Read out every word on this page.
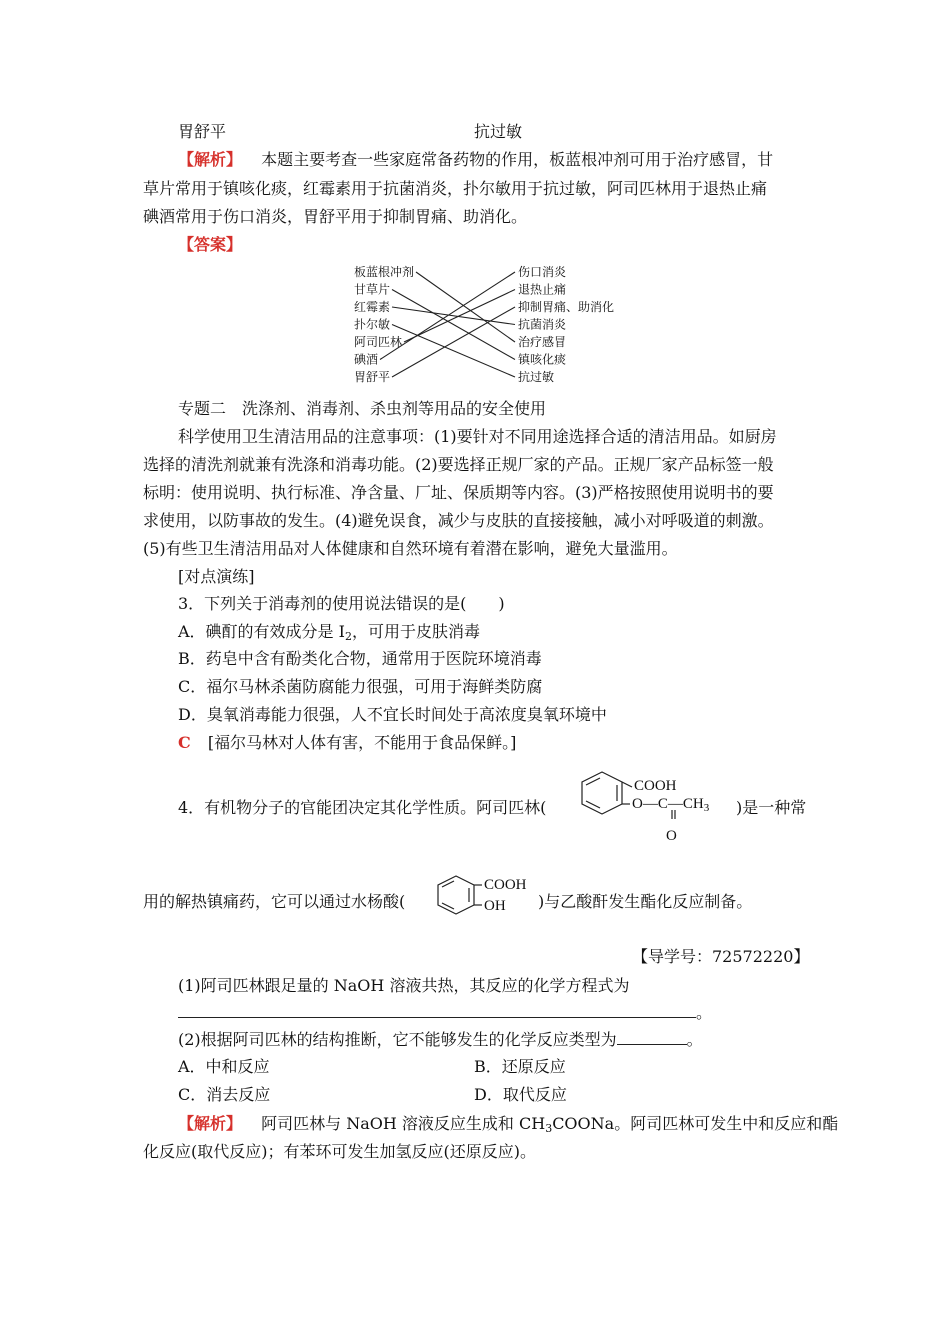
胃舒平	抗过敏
【解析】 本题主要考查一些家庭常备药物的作用，板蓝根冲剂可用于治疗感冒，甘
草片常用于镇咳化痰，红霉素用于抗菌消炎，扑尔敏用于抗过敏，阿司匹林用于退热止痛
碘酒常用于伤口消炎，胃舒平用于抑制胃痛、助消化。
【答案】
板蓝根冲剂
甘草片
红霉素
扑尔敏
阿司匹林
碘酒
胃舒平
伤口消炎
退热止痛
抑制胃痛、助消化
抗菌消炎
治疗感冒
镇咳化痰
抗过敏
专题二　洗涤剂、消毒剂、杀虫剂等用品的安全使用
科学使用卫生清洁用品的注意事项：(1)要针对不同用途选择合适的清洁用品。如厨房
选择的清洗剂就兼有洗涤和消毒功能。(2)要选择正规厂家的产品。正规厂家产品标签一般
标明：使用说明、执行标准、净含量、厂址、保质期等内容。(3)严格按照使用说明书的要
求使用，以防事故的发生。(4)避免误食，减少与皮肤的直接接触，减小对呼吸道的刺激。
(5)有些卫生清洁用品对人体健康和自然环境有着潜在影响，避免大量滥用。
[对点演练]
3．下列关于消毒剂的使用说法错误的是(　　)
A．碘酊的有效成分是 $I_2$，可用于皮肤消毒
B．药皂中含有酚类化合物，通常用于医院环境消毒
C．福尔马林杀菌防腐能力很强，可用于海鲜类防腐
D．臭氧消毒能力很强，人不宜长时间处于高浓度臭氧环境中
C [福尔马林对人体有害，不能用于食品保鲜。]
4．有机物分子的官能团决定其化学性质。阿司匹林(	)是一种常
COOH
$O—C—CH_3$
O
用的解热镇痛药，它可以通过水杨酸(	)与乙酸酐发生酯化反应制备。
COOH
OH
【导学号：72572220】
(1)阿司匹林跟足量的 NaOH 溶液共热，其反应的化学方程式为
。
(2)根据阿司匹林的结构推断，它不能够发生的化学反应类型为	。
A．中和反应	B．还原反应
C．消去反应	D．取代反应
【解析】 阿司匹林与 NaOH 溶液反应生成和 $CH_3COONa$。阿司匹林可发生中和反应和酯
化反应(取代反应)；有苯环可发生加氢反应(还原反应)。
